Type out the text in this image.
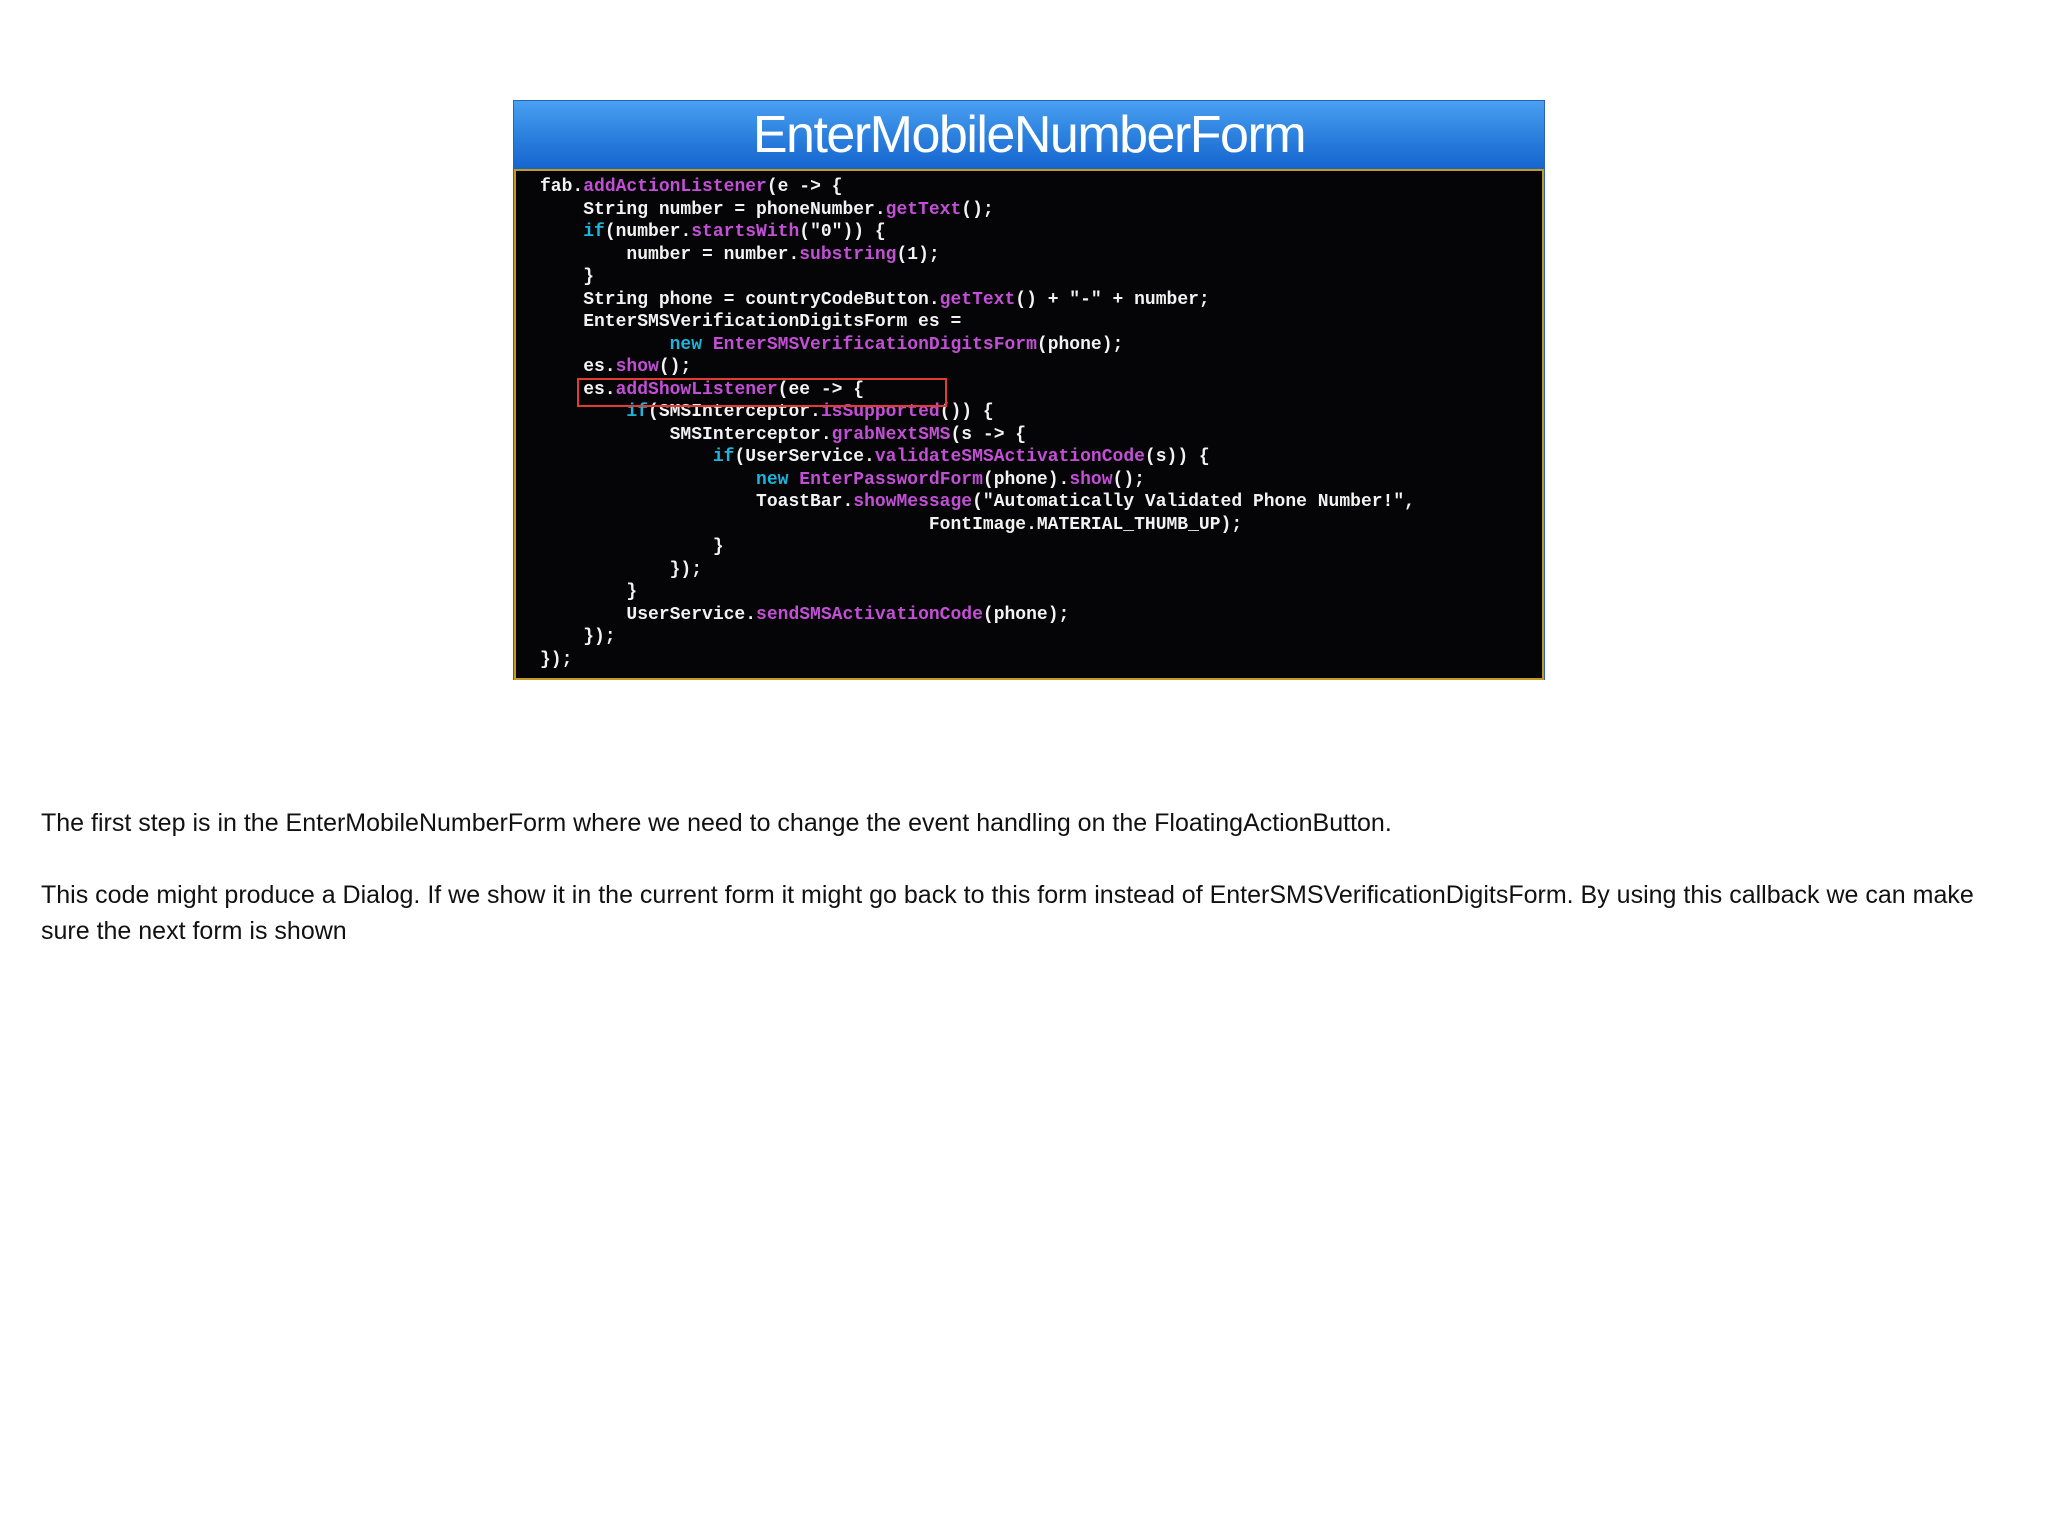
EnterMobileNumberForm
fab.addActionListener(e -> {
String number = phoneNumber.getText();
if(number.startsWith("0")) {
number = number.substring(1);
}
String phone = countryCodeButton.getText() + "-" + number;
EnterSMSVerificationDigitsForm es =
new EnterSMSVerificationDigitsForm(phone);
es.show();
es.addShowListener(ee -> {
if(SMSInterceptor.isSupported()) {
SMSInterceptor.grabNextSMS(s -> {
if(UserService.validateSMSActivationCode(s)) {
new EnterPasswordForm(phone).show();
ToastBar.showMessage("Automatically Validated Phone Number!",
FontImage.MATERIAL_THUMB_UP);
}
});
}
UserService.sendSMSActivationCode(phone);
});
});

The first step is in the EnterMobileNumberForm where we need to change the event handling on the FloatingActionButton.

This code might produce a Dialog. If we show it in the current form it might go back to this form instead of EnterSMSVerificationDigitsForm. By using this callback we can make sure the next form is shown
